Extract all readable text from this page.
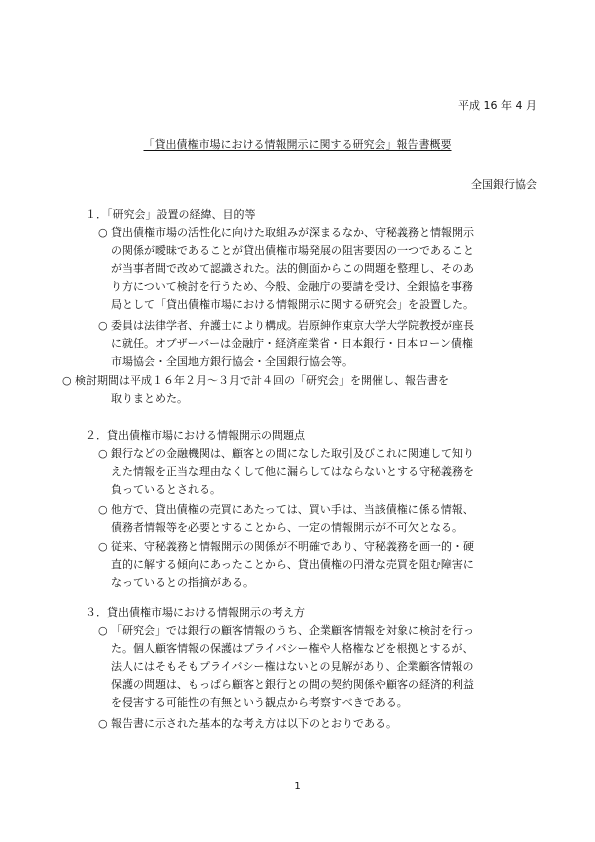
平成 16 年 4 月
「貸出債権市場における情報開示に関する研究会」報告書概要
全国銀行協会
１．「研究会」設置の経緯、目的等
○ 貸出債権市場の活性化に向けた取組みが深まるなか、守秘義務と情報開示
の関係が曖昧であることが貸出債権市場発展の阻害要因の一つであること
が当事者間で改めて認識された。法的側面からこの問題を整理し、そのあ
り方について検討を行うため、今般、金融庁の要請を受け、全銀協を事務
局として「貸出債権市場における情報開示に関する研究会」を設置した。
○ 委員は法律学者、弁護士により構成。岩原紳作東京大学大学院教授が座長
に就任。オブザーバーは金融庁・経済産業省・日本銀行・日本ローン債権
市場協会・全国地方銀行協会・全国銀行協会等。
○ 検討期間は平成１６年２月～３月で計４回の「研究会」を開催し、報告書を
取りまとめた。
２．貸出債権市場における情報開示の問題点
○ 銀行などの金融機関は、顧客との間になした取引及びこれに関連して知り
えた情報を正当な理由なくして他に漏らしてはならないとする守秘義務を
負っているとされる。
○ 他方で、貸出債権の売買にあたっては、買い手は、当該債権に係る情報、
債務者情報等を必要とすることから、一定の情報開示が不可欠となる。
○ 従来、守秘義務と情報開示の関係が不明確であり、守秘義務を画一的・硬
直的に解する傾向にあったことから、貸出債権の円滑な売買を阻む障害に
なっているとの指摘がある。
３．貸出債権市場における情報開示の考え方
○ 「研究会」では銀行の顧客情報のうち、企業顧客情報を対象に検討を行っ
た。個人顧客情報の保護はプライバシー権や人格権などを根拠とするが、
法人にはそもそもプライバシー権はないとの見解があり、企業顧客情報の
保護の問題は、もっぱら顧客と銀行との間の契約関係や顧客の経済的利益
を侵害する可能性の有無という観点から考察すべきである。
○ 報告書に示された基本的な考え方は以下のとおりである。
1
